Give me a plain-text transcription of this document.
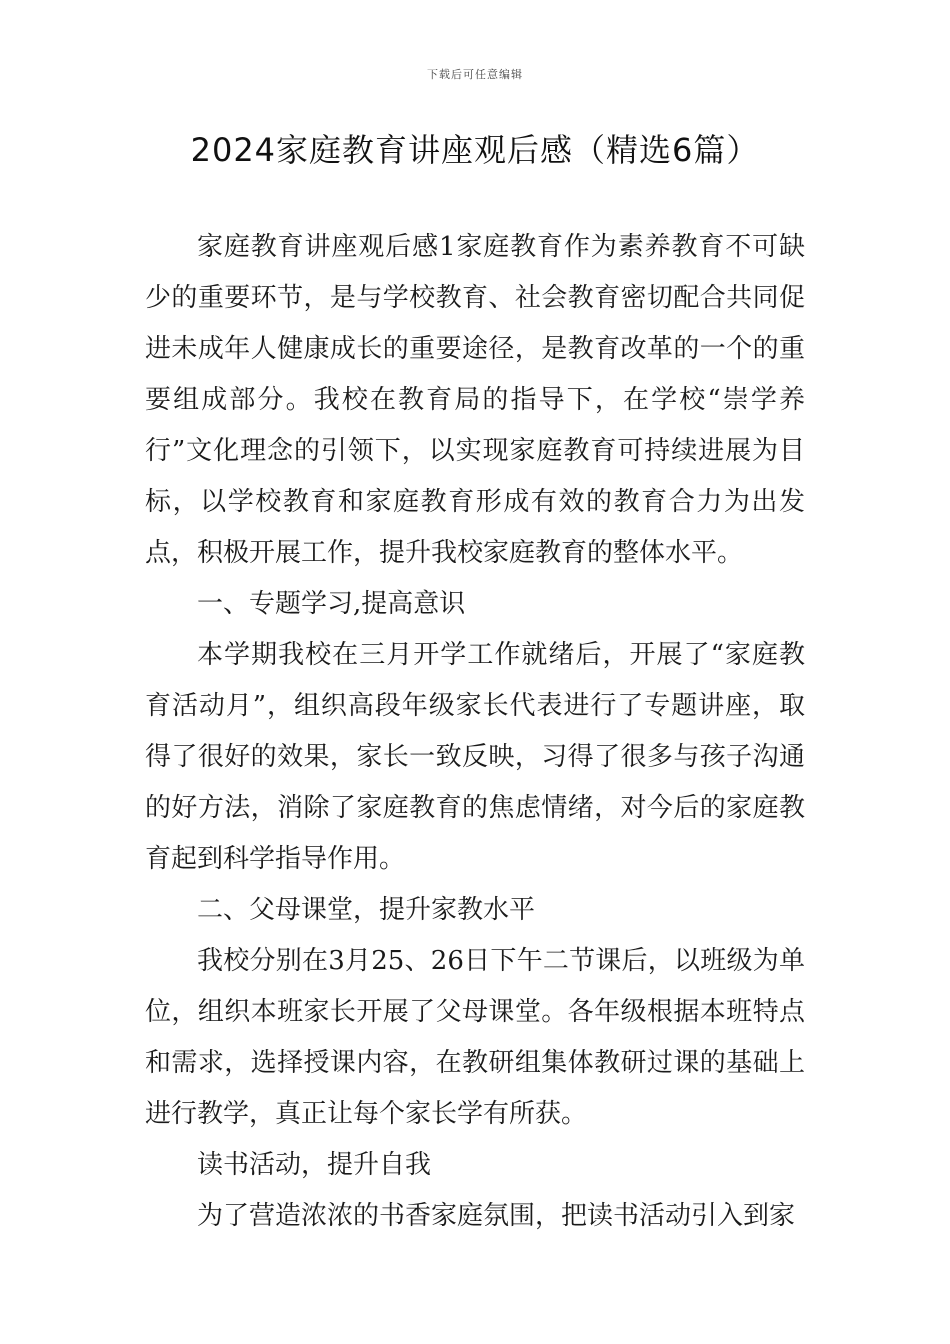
下载后可任意编辑
2024家庭教育讲座观后感（精选6篇）

家庭教育讲座观后感1家庭教育作为素养教育不可缺少的重要环节，是与学校教育、社会教育密切配合共同促进未成年人健康成长的重要途径，是教育改革的一个的重要组成部分。我校在教育局的指导下，在学校“崇学养行”文化理念的引领下，以实现家庭教育可持续进展为目标，以学校教育和家庭教育形成有效的教育合力为出发点，积极开展工作，提升我校家庭教育的整体水平。

一、专题学习,提高意识

本学期我校在三月开学工作就绪后，开展了“家庭教育活动月”，组织高段年级家长代表进行了专题讲座，取得了很好的效果，家长一致反映，习得了很多与孩子沟通的好方法，消除了家庭教育的焦虑情绪，对今后的家庭教育起到科学指导作用。

二、父母课堂，提升家教水平

我校分别在3月25、26日下午二节课后，以班级为单位，组织本班家长开展了父母课堂。各年级根据本班特点和需求，选择授课内容，在教研组集体教研过课的基础上进行教学，真正让每个家长学有所获。

读书活动，提升自我

为了营造浓浓的书香家庭氛围，把读书活动引入到家
